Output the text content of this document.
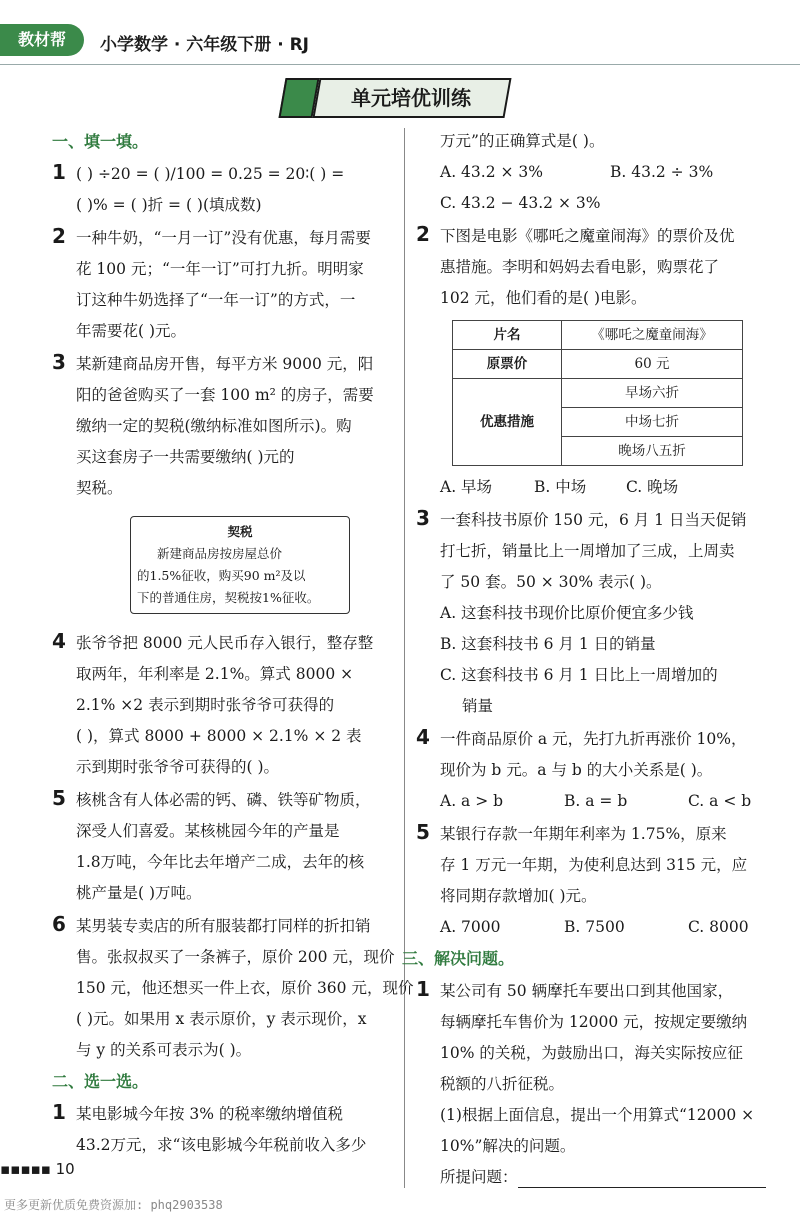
教材帮	小学数学 · 六年级下册 · RJ
单元培优训练

一、填一填。

1 ( ) ÷20 = ( )/100 = 0.25 = 20∶( ) =

( )% = ( )折 = ( )(填成数)

2 一种牛奶，“一月一订”没有优惠，每月需要

花 100 元；“一年一订”可打九折。明明家

订这种牛奶选择了“一年一订”的方式，一

年需要花( )元。

3 某新建商品房开售，每平方米 9000 元，阳

阳的爸爸购买了一套 100 m² 的房子，需要

缴纳一定的契税(缴纳标准如图所示)。购

买这套房子一共需要缴纳( )元的

契税。

契税
新建商品房按房屋总价
的1.5%征收，购买90 m²及以
下的普通住房，契税按1%征收。

4 张爷爷把 8000 元人民币存入银行，整存整

取两年，年利率是 2.1%。算式 8000 ×

2.1% ×2 表示到期时张爷爷可获得的

( )，算式 8000 + 8000 × 2.1% × 2 表

示到期时张爷爷可获得的( )。

5 核桃含有人体必需的钙、磷、铁等矿物质，

深受人们喜爱。某核桃园今年的产量是

1.8万吨，今年比去年增产二成，去年的核

桃产量是( )万吨。

6 某男装专卖店的所有服装都打同样的折扣销

售。张叔叔买了一条裤子，原价 200 元，现价

150 元，他还想买一件上衣，原价 360 元，现价

( )元。如果用 x 表示原价，y 表示现价，x

与 y 的关系可表示为( )。

二、选一选。

1 某电影城今年按 3% 的税率缴纳增值税

43.2万元，求“该电影城今年税前收入多少

万元”的正确算式是( )。

A. 43.2 × 3%	B. 43.2 ÷ 3%

C. 43.2 − 43.2 × 3%

2 下图是电影《哪吒之魔童闹海》的票价及优

惠措施。李明和妈妈去看电影，购票花了

102 元，他们看的是( )电影。

片名	《哪吒之魔童闹海》
原票价	60 元
优惠措施	早场六折
	中场七折
	晚场八五折

A. 早场	B. 中场	C. 晚场

3 一套科技书原价 150 元，6 月 1 日当天促销

打七折，销量比上一周增加了三成，上周卖

了 50 套。50 × 30% 表示( )。

A. 这套科技书现价比原价便宜多少钱

B. 这套科技书 6 月 1 日的销量

C. 这套科技书 6 月 1 日比上一周增加的

销量

4 一件商品原价 a 元，先打九折再涨价 10%，

现价为 b 元。a 与 b 的大小关系是( )。

A. a > b	B. a = b	C. a < b

5 某银行存款一年期年利率为 1.75%，原来

存 1 万元一年期，为使利息达到 315 元，应

将同期存款增加( )元。

A. 7000	B. 7500	C. 8000

三、解决问题。

1 某公司有 50 辆摩托车要出口到其他国家，

每辆摩托车售价为 12000 元，按规定要缴纳

10% 的关税，为鼓励出口，海关实际按应征

税额的八折征税。

(1)根据上面信息，提出一个用算式“12000 ×

10%”解决的问题。

所提问题：

▪▪▪▪▪ 10
更多更新优质免费资源加: phq2903538
